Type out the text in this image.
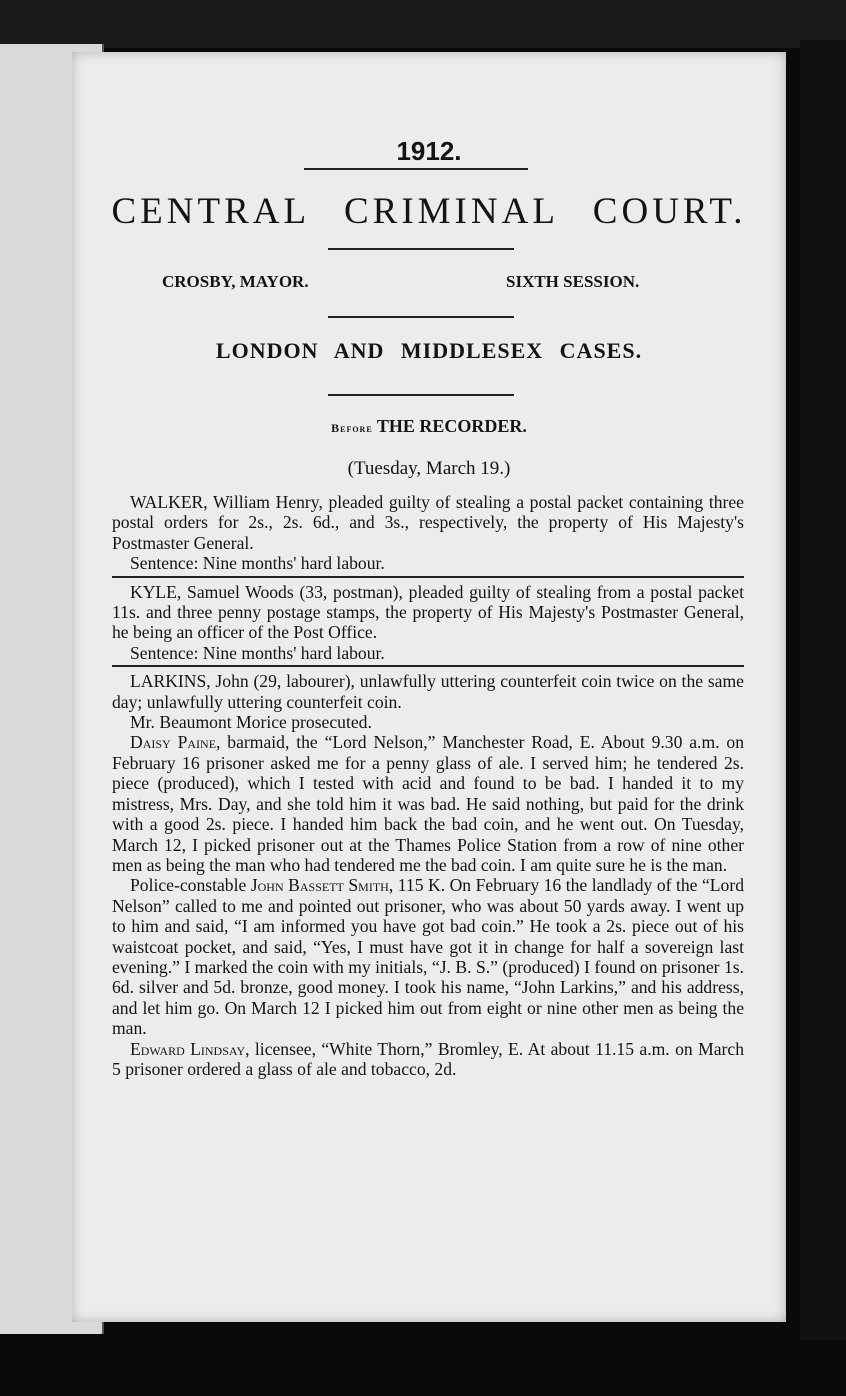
1912.
CENTRAL CRIMINAL COURT.
CROSBY, MAYOR.	SIXTH SESSION.
LONDON AND MIDDLESEX CASES.
Before THE RECORDER.
(Tuesday, March 19.)

WALKER, William Henry, pleaded guilty of stealing a postal packet containing three postal orders for 2s., 2s. 6d., and 3s., respectively, the property of His Majesty's Postmaster General.

Sentence: Nine months' hard labour.

KYLE, Samuel Woods (33, postman), pleaded guilty of stealing from a postal packet 11s. and three penny postage stamps, the property of His Majesty's Postmaster General, he being an officer of the Post Office.

Sentence: Nine months' hard labour.

LARKINS, John (29, labourer), unlawfully uttering counterfeit coin twice on the same day; unlawfully uttering counterfeit coin.

Mr. Beaumont Morice prosecuted.

Daisy Paine, barmaid, the “Lord Nelson,” Manchester Road, E. About 9.30 a.m. on February 16 prisoner asked me for a penny glass of ale. I served him; he tendered 2s. piece (produced), which I tested with acid and found to be bad. I handed it to my mistress, Mrs. Day, and she told him it was bad. He said nothing, but paid for the drink with a good 2s. piece. I handed him back the bad coin, and he went out. On Tuesday, March 12, I picked prisoner out at the Thames Police Station from a row of nine other men as being the man who had tendered me the bad coin. I am quite sure he is the man.

Police-constable John Bassett Smith, 115 K. On February 16 the landlady of the “Lord Nelson” called to me and pointed out prisoner, who was about 50 yards away. I went up to him and said, “I am informed you have got bad coin.” He took a 2s. piece out of his waistcoat pocket, and said, “Yes, I must have got it in change for half a sovereign last evening.” I marked the coin with my initials, “J. B. S.” (produced) I found on prisoner 1s. 6d. silver and 5d. bronze, good money. I took his name, “John Larkins,” and his address, and let him go. On March 12 I picked him out from eight or nine other men as being the man.

Edward Lindsay, licensee, “White Thorn,” Bromley, E. At about 11.15 a.m. on March 5 prisoner ordered a glass of ale and tobacco, 2d.
